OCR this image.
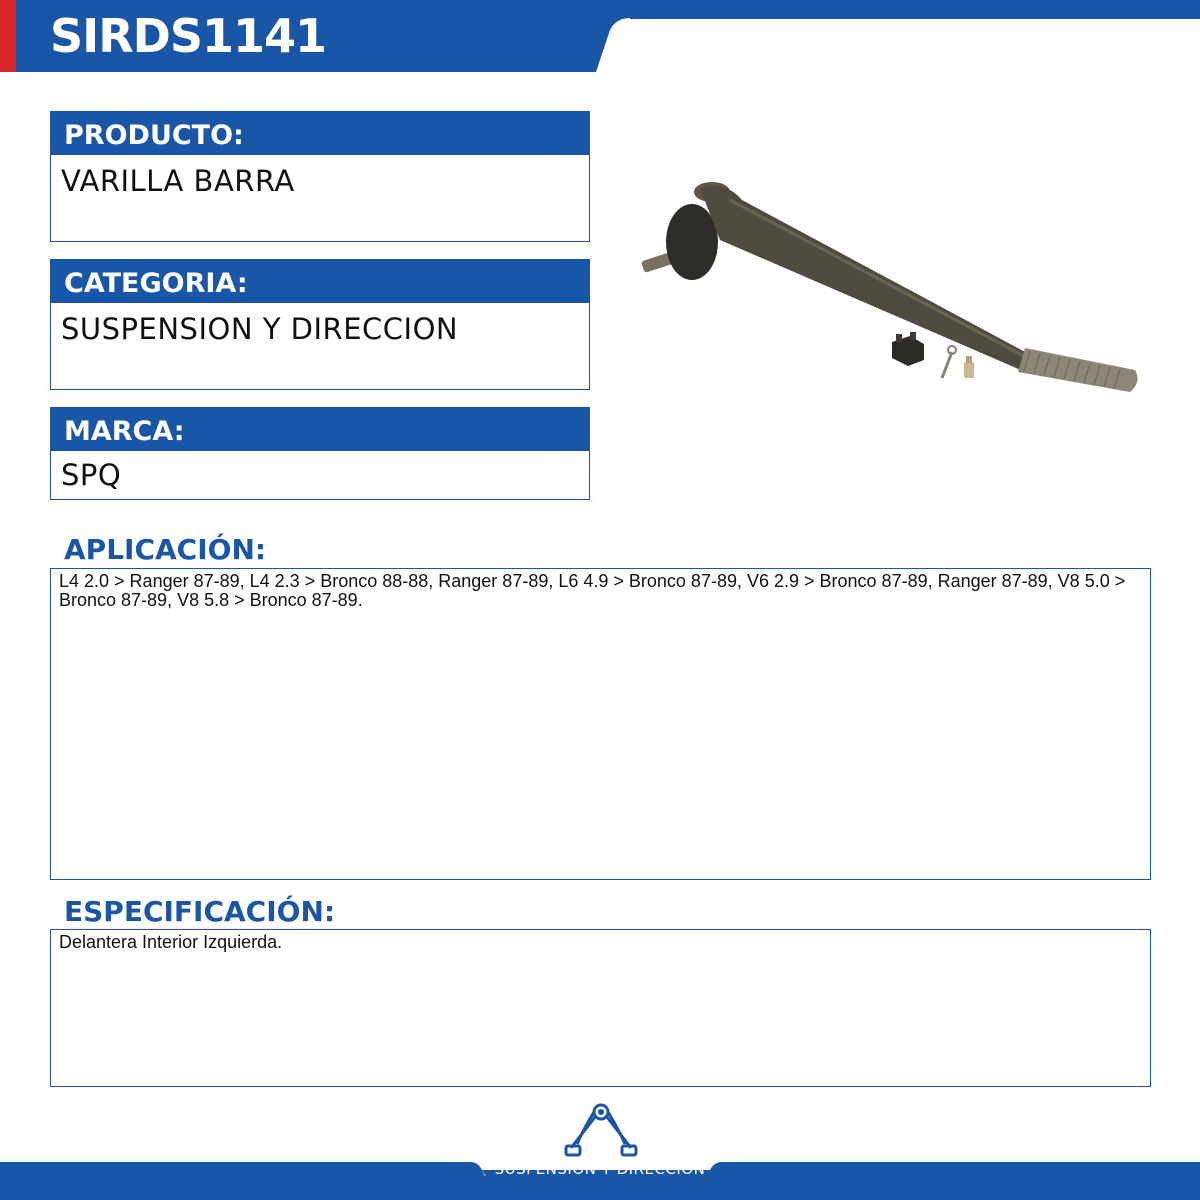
SIRDS1141
PRODUCTO:
VARILLA BARRA
CATEGORIA:
SUSPENSION Y DIRECCION
MARCA:
SPQ
APLICACIÓN:
L4 2.0 > Ranger 87-89, L4 2.3 > Bronco 88-88, Ranger 87-89, L6 4.9 > Bronco 87-89, V6 2.9 > Bronco 87-89, Ranger 87-89, V8 5.0 > Bronco 87-89, V8 5.8 > Bronco 87-89.
ESPECIFICACIÓN:
Delantera Interior Izquierda.
SUSPENSIÓN Y DIRECCIÓN
